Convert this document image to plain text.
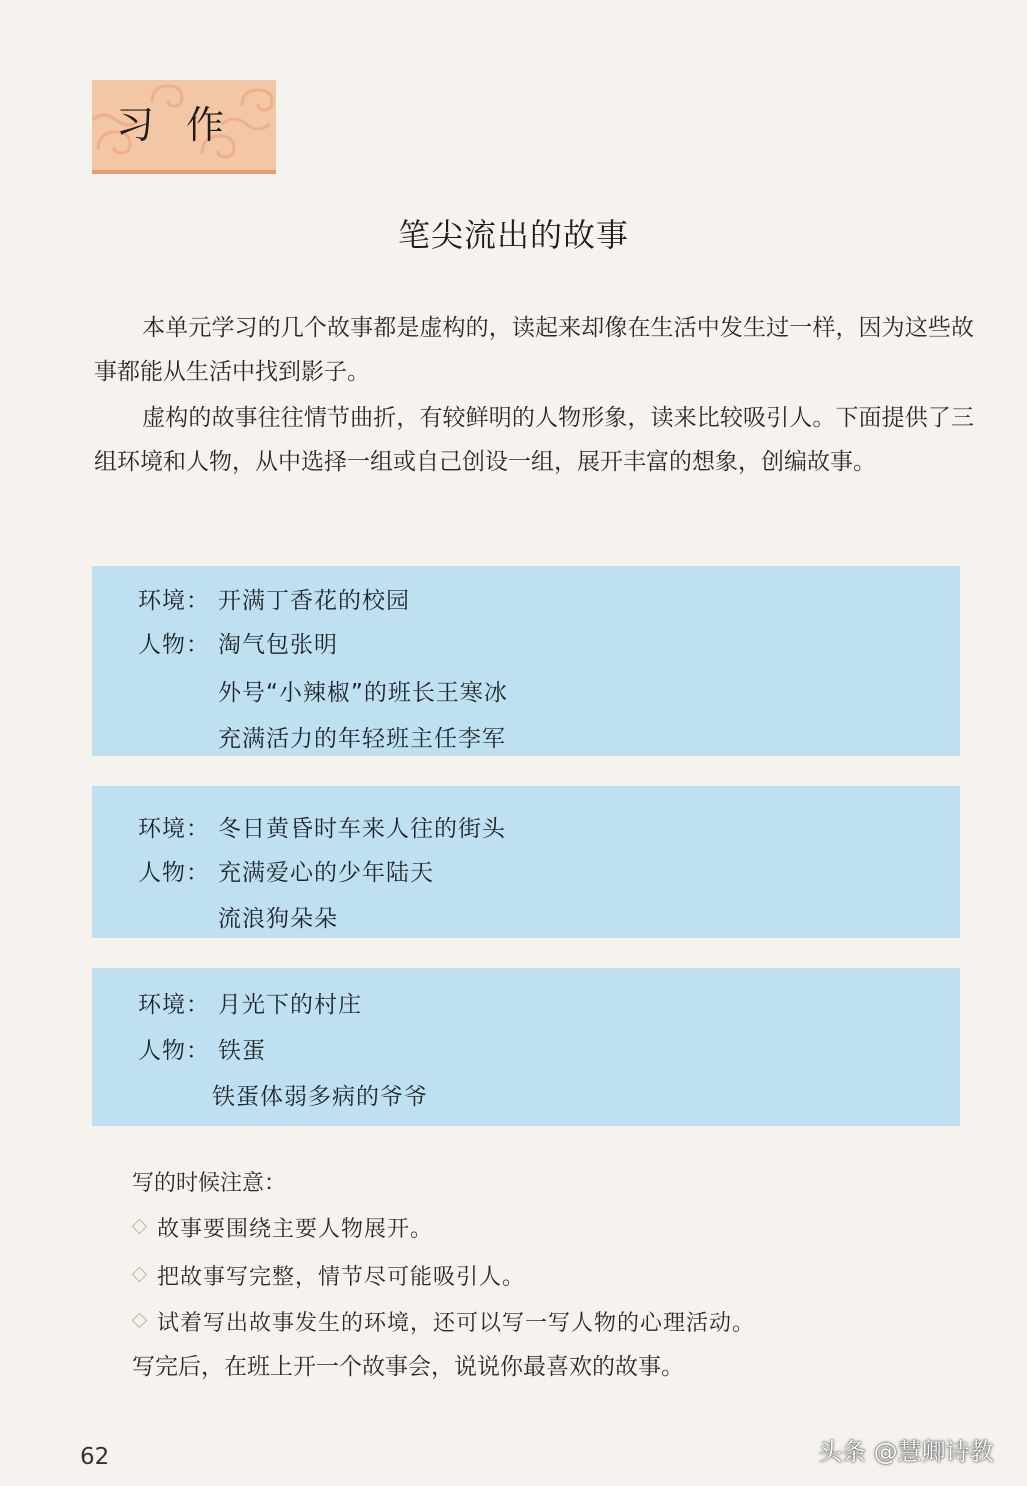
习作
笔尖流出的故事
本单元学习的几个故事都是虚构的，读起来却像在生活中发生过一样，因为这些故事都能从生活中找到影子。
虚构的故事往往情节曲折，有较鲜明的人物形象，读来比较吸引人。下面提供了三组环境和人物，从中选择一组或自己创设一组，展开丰富的想象，创编故事。
环境： 开满丁香花的校园
人物： 淘气包张明
外号“小辣椒”的班长王寒冰
充满活力的年轻班主任李军
环境： 冬日黄昏时车来人往的街头
人物： 充满爱心的少年陆天
流浪狗朵朵
环境： 月光下的村庄
人物： 铁蛋
铁蛋体弱多病的爷爷
写的时候注意：
故事要围绕主要人物展开。
把故事写完整，情节尽可能吸引人。
试着写出故事发生的环境，还可以写一写人物的心理活动。
写完后，在班上开一个故事会，说说你最喜欢的故事。
62	头条 @慧卿诗教
